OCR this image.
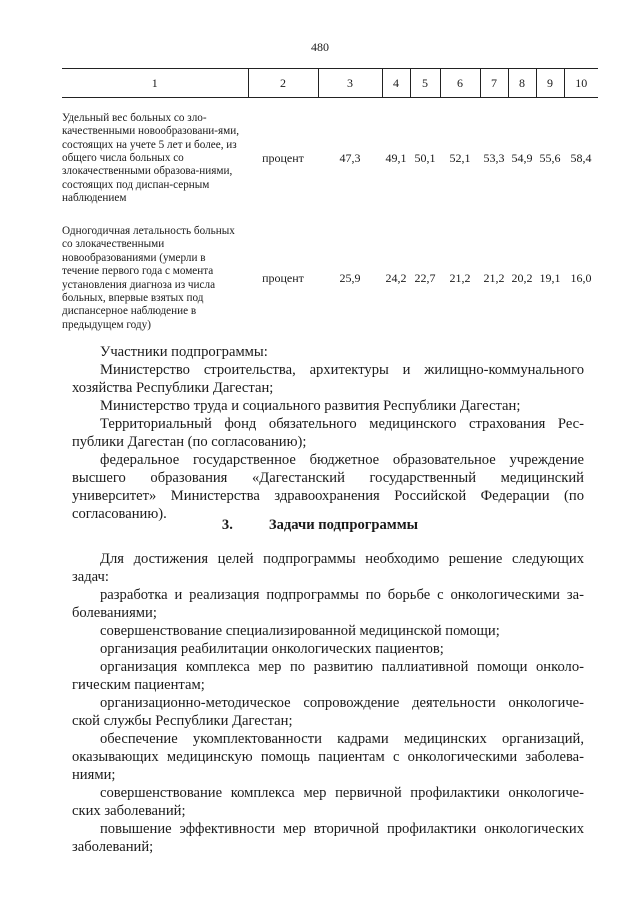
480
1	2	3	4	5	6	7	8	9	10
Удельный вес больных со зло-качественными новообразовани-ями, состоящих на учете 5 лет и более, из общего числа больных со злокачественными образова-ниями, состоящих под диспан-серным наблюдением	процент	47,3	49,1	50,1	52,1	53,3	54,9	55,6	58,4
Одногодичная летальность больных со злокачественными новообразованиями (умерли в течение первого года с момента установления диагноза из числа больных, впервые взятых под диспансерное наблюдение в предыдущем году)	процент	25,9	24,2	22,7	21,2	21,2	20,2	19,1	16,0

Участники подпрограммы:

Министерство строительства, архитектуры и жилищно-коммунального хозяйства Республики Дагестан;

Министерство труда и социального развития Республики Дагестан;

Территориальный фонд обязательного медицинского страхования Рес-публики Дагестан (по согласованию);

федеральное государственное бюджетное образовательное учреждение высшего образования «Дагестанский государственный медицинский университет» Министерства здравоохранения Российской Федерации (по согласованию).

3. Задачи подпрограммы

Для достижения целей подпрограммы необходимо решение следующих задач:

разработка и реализация подпрограммы по борьбе с онкологическими за-болеваниями;

совершенствование специализированной медицинской помощи;

организация реабилитации онкологических пациентов;

организация комплекса мер по развитию паллиативной помощи онколо-гическим пациентам;

организационно-методическое сопровождение деятельности онкологиче-ской службы Республики Дагестан;

обеспечение укомплектованности кадрами медицинских организаций, оказывающих медицинскую помощь пациентам с онкологическими заболева-ниями;

совершенствование комплекса мер первичной профилактики онкологиче-ских заболеваний;

повышение эффективности мер вторичной профилактики онкологических заболеваний;
